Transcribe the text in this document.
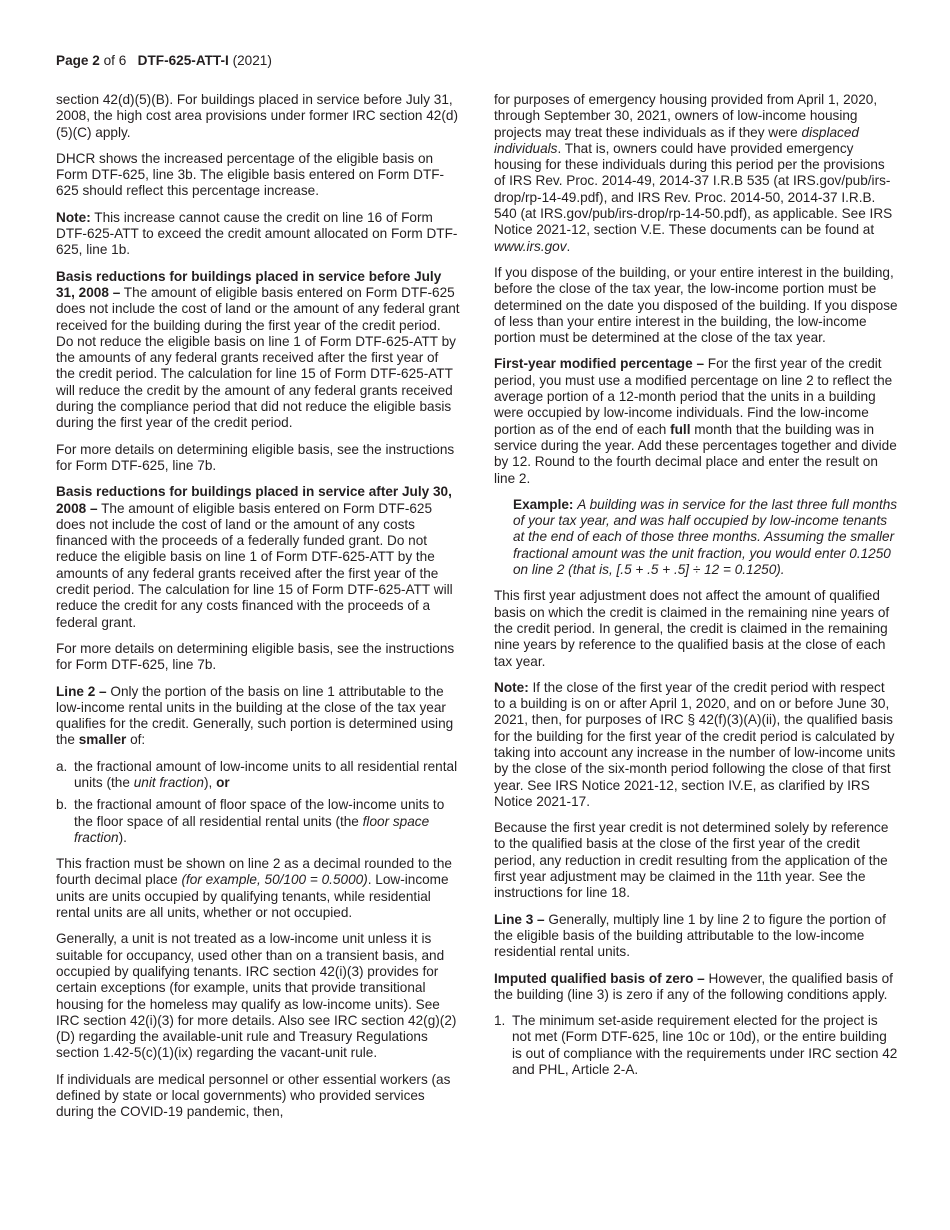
Page 2 of 6 DTF-625-ATT-I (2021)

section 42(d)(5)(B). For buildings placed in service before July 31, 2008, the high cost area provisions under former IRC section 42(d)(5)(C) apply.

DHCR shows the increased percentage of the eligible basis on Form DTF-625, line 3b. The eligible basis entered on Form DTF-625 should reflect this percentage increase.

Note: This increase cannot cause the credit on line 16 of Form DTF-625-ATT to exceed the credit amount allocated on Form DTF-625, line 1b.

Basis reductions for buildings placed in service before July 31, 2008 – The amount of eligible basis entered on Form DTF-625 does not include the cost of land or the amount of any federal grant received for the building during the first year of the credit period. Do not reduce the eligible basis on line 1 of Form DTF-625-ATT by the amounts of any federal grants received after the first year of the credit period. The calculation for line 15 of Form DTF-625-ATT will reduce the credit by the amount of any federal grants received during the compliance period that did not reduce the eligible basis during the first year of the credit period.

For more details on determining eligible basis, see the instructions for Form DTF-625, line 7b.

Basis reductions for buildings placed in service after July 30, 2008 – The amount of eligible basis entered on Form DTF-625 does not include the cost of land or the amount of any costs financed with the proceeds of a federally funded grant. Do not reduce the eligible basis on line 1 of Form DTF-625-ATT by the amounts of any federal grants received after the first year of the credit period. The calculation for line 15 of Form DTF-625-ATT will reduce the credit for any costs financed with the proceeds of a federal grant.

For more details on determining eligible basis, see the instructions for Form DTF-625, line 7b.

Line 2 – Only the portion of the basis on line 1 attributable to the low-income rental units in the building at the close of the tax year qualifies for the credit. Generally, such portion is determined using the smaller of:

a. the fractional amount of low-income units to all residential rental units (the unit fraction), or
b. the fractional amount of floor space of the low-income units to the floor space of all residential rental units (the floor space fraction).

This fraction must be shown on line 2 as a decimal rounded to the fourth decimal place (for example, 50/100 = 0.5000). Low-income units are units occupied by qualifying tenants, while residential rental units are all units, whether or not occupied.

Generally, a unit is not treated as a low-income unit unless it is suitable for occupancy, used other than on a transient basis, and occupied by qualifying tenants. IRC section 42(i)(3) provides for certain exceptions (for example, units that provide transitional housing for the homeless may qualify as low-income units). See IRC section 42(i)(3) for more details. Also see IRC section 42(g)(2)(D) regarding the available-unit rule and Treasury Regulations section 1.42-5(c)(1)(ix) regarding the vacant-unit rule.

If individuals are medical personnel or other essential workers (as defined by state or local governments) who provided services during the COVID-19 pandemic, then,

for purposes of emergency housing provided from April 1, 2020, through September 30, 2021, owners of low-income housing projects may treat these individuals as if they were displaced individuals. That is, owners could have provided emergency housing for these individuals during this period per the provisions of IRS Rev. Proc. 2014-49, 2014-37 I.R.B 535 (at IRS.gov/pub/irs-drop/rp-14-49.pdf), and IRS Rev. Proc. 2014-50, 2014-37 I.R.B. 540 (at IRS.gov/pub/irs-drop/rp-14-50.pdf), as applicable. See IRS Notice 2021-12, section V.E. These documents can be found at www.irs.gov.

If you dispose of the building, or your entire interest in the building, before the close of the tax year, the low-income portion must be determined on the date you disposed of the building. If you dispose of less than your entire interest in the building, the low-income portion must be determined at the close of the tax year.

First-year modified percentage – For the first year of the credit period, you must use a modified percentage on line 2 to reflect the average portion of a 12-month period that the units in a building were occupied by low-income individuals. Find the low-income portion as of the end of each full month that the building was in service during the year. Add these percentages together and divide by 12. Round to the fourth decimal place and enter the result on line 2.

Example: A building was in service for the last three full months of your tax year, and was half occupied by low-income tenants at the end of each of those three months. Assuming the smaller fractional amount was the unit fraction, you would enter 0.1250 on line 2 (that is, [.5 + .5 + .5] ÷ 12 = 0.1250).

This first year adjustment does not affect the amount of qualified basis on which the credit is claimed in the remaining nine years of the credit period. In general, the credit is claimed in the remaining nine years by reference to the qualified basis at the close of each tax year.

Note: If the close of the first year of the credit period with respect to a building is on or after April 1, 2020, and on or before June 30, 2021, then, for purposes of IRC § 42(f)(3)(A)(ii), the qualified basis for the building for the first year of the credit period is calculated by taking into account any increase in the number of low-income units by the close of the six-month period following the close of that first year. See IRS Notice 2021-12, section IV.E, as clarified by IRS Notice 2021-17.

Because the first year credit is not determined solely by reference to the qualified basis at the close of the first year of the credit period, any reduction in credit resulting from the application of the first year adjustment may be claimed in the 11th year. See the instructions for line 18.

Line 3 – Generally, multiply line 1 by line 2 to figure the portion of the eligible basis of the building attributable to the low-income residential rental units.

Imputed qualified basis of zero – However, the qualified basis of the building (line 3) is zero if any of the following conditions apply.

1. The minimum set-aside requirement elected for the project is not met (Form DTF-625, line 10c or 10d), or the entire building is out of compliance with the requirements under IRC section 42 and PHL, Article 2-A.
